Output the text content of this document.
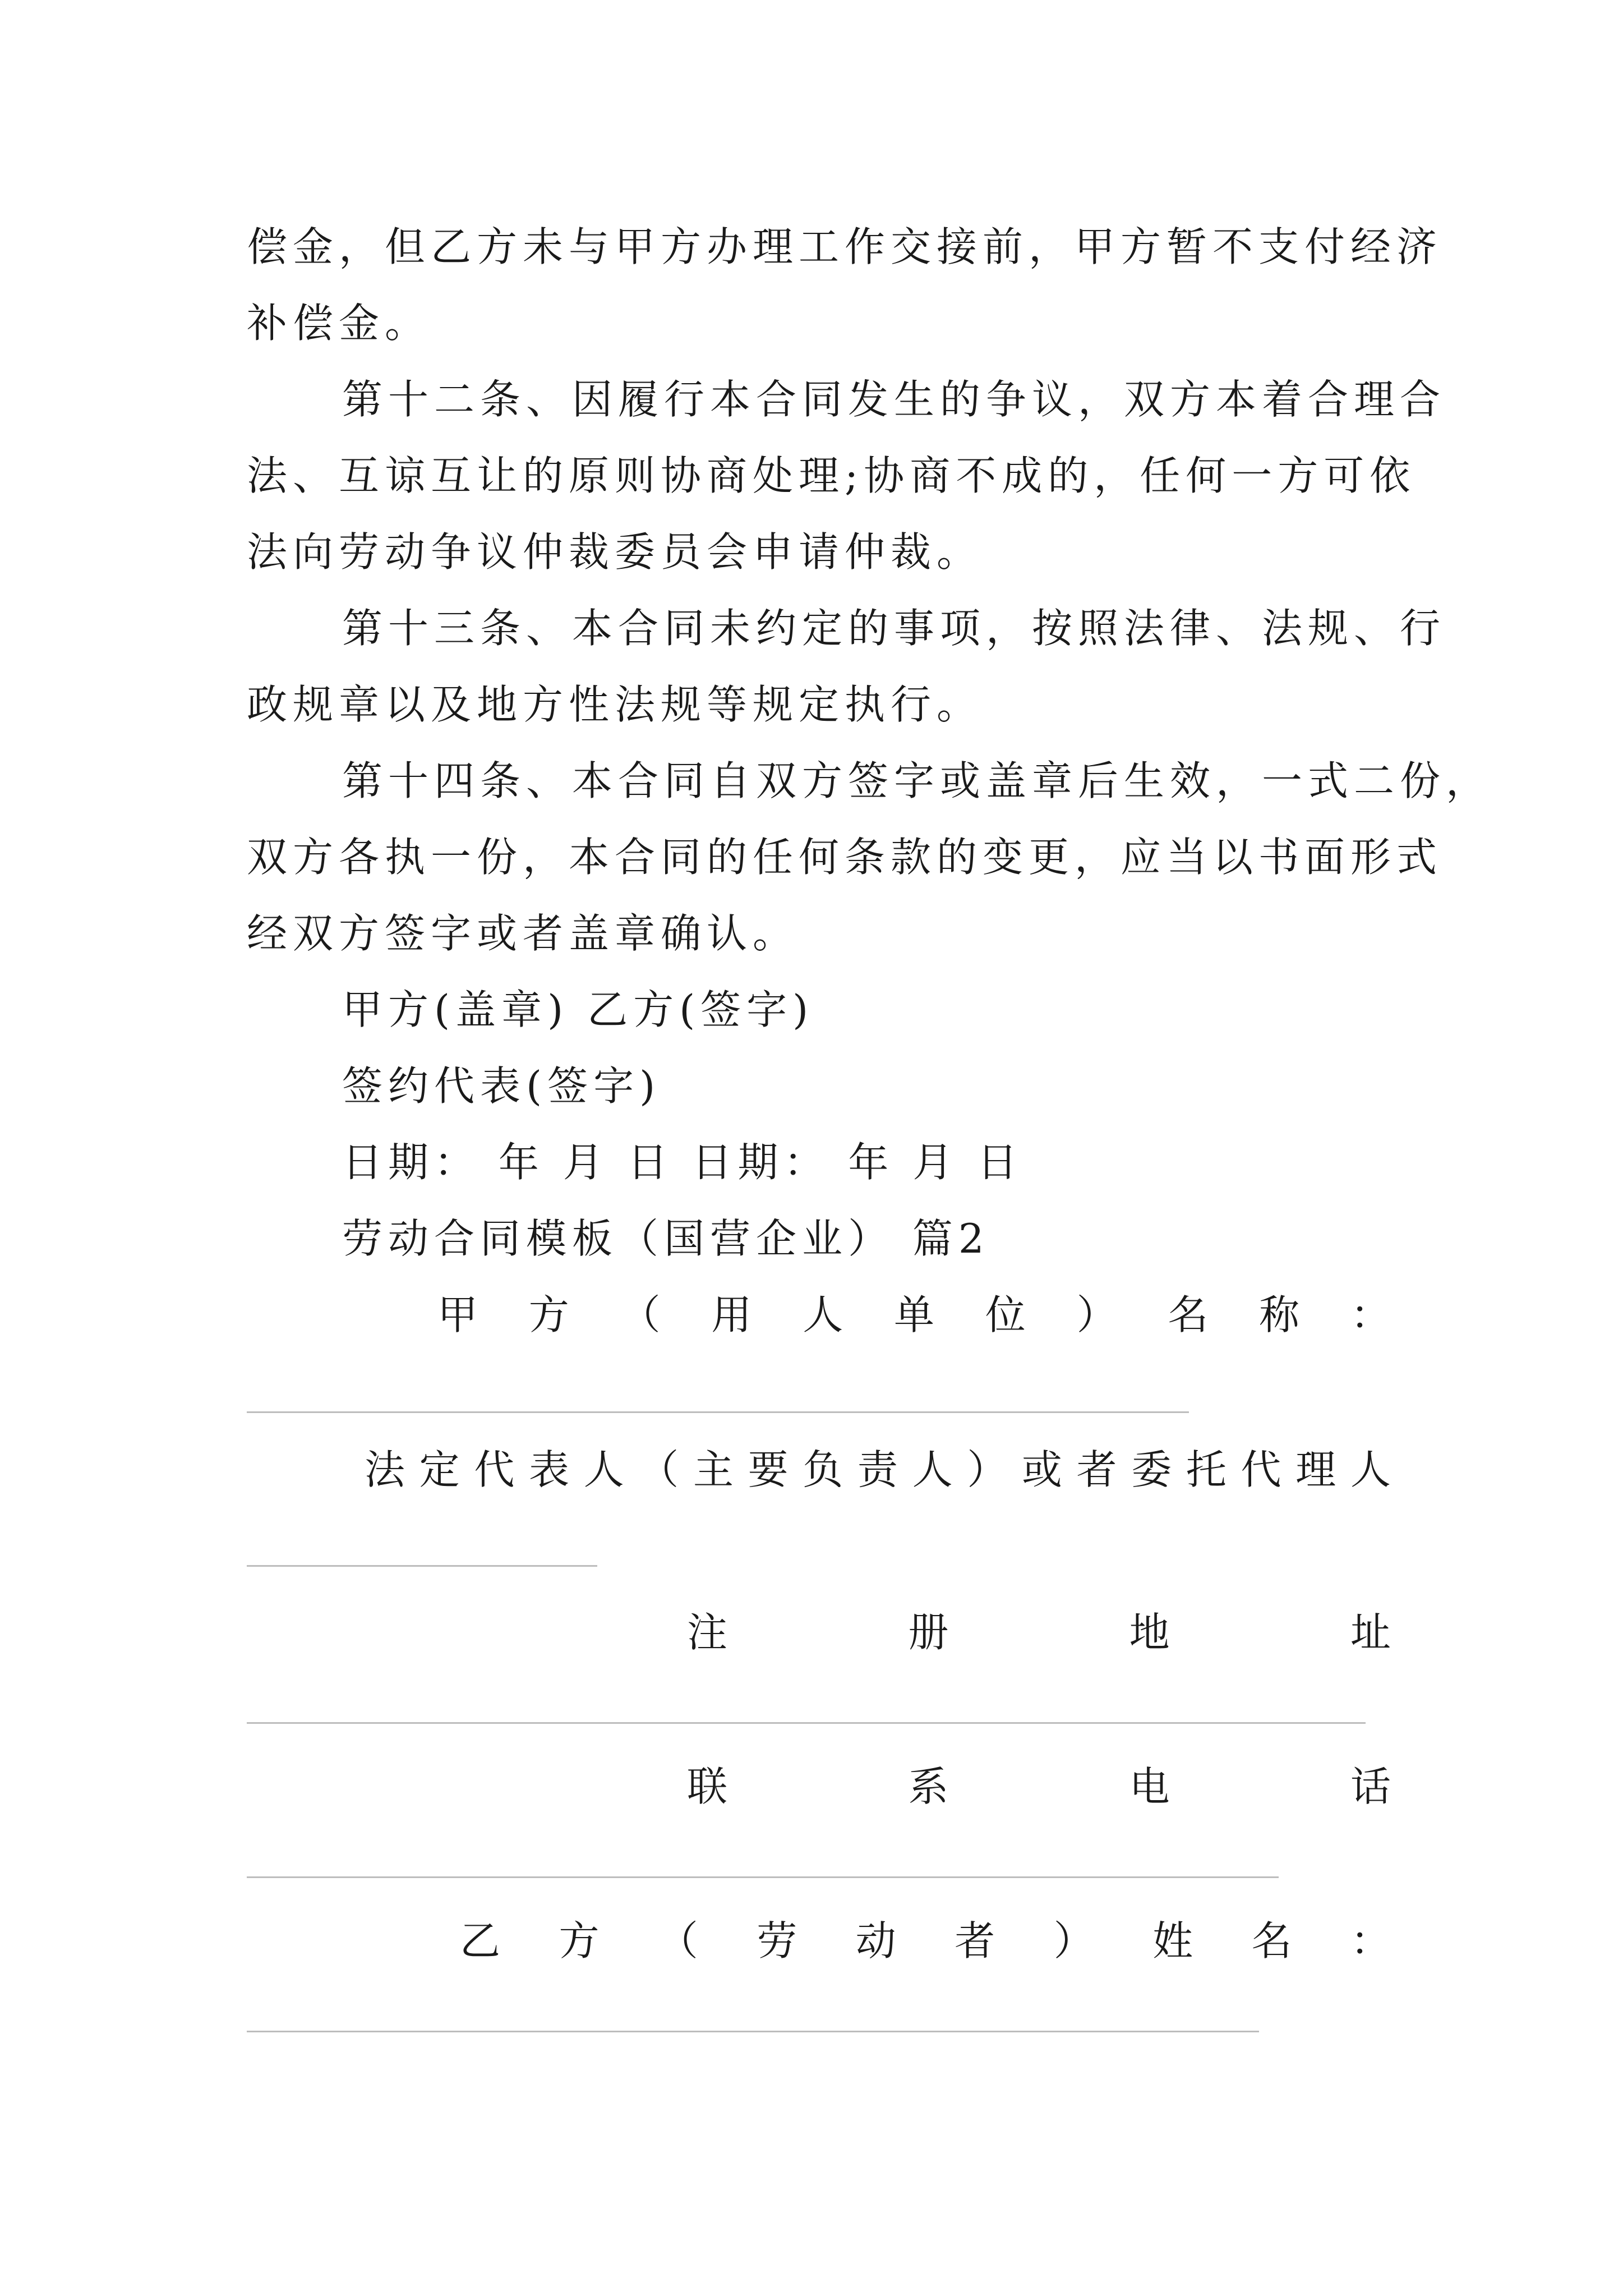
偿金，但乙方未与甲方办理工作交接前，甲方暂不支付经济
补偿金。
第十二条、因履行本合同发生的争议，双方本着合理合
法、互谅互让的原则协商处理;协商不成的，任何一方可依
法向劳动争议仲裁委员会申请仲裁。
第十三条、本合同未约定的事项，按照法律、法规、行
政规章以及地方性法规等规定执行。
第十四条、本合同自双方签字或盖章后生效，一式二份，
双方各执一份，本合同的任何条款的变更，应当以书面形式
经双方签字或者盖章确认。
甲方(盖章) 乙方(签字)
签约代表(签字)
日期： 年 月 日 日期： 年 月 日
劳动合同模板（国营企业） 篇2
甲 方 （ 用 人 单 位 ） 名 称 ：
法 定 代 表 人 （ 主 要 负 责 人 ） 或 者 委 托 代 理 人
注	册	地	址
联	系	电	话
乙 方 （ 劳 动 者 ） 姓 名 ：
